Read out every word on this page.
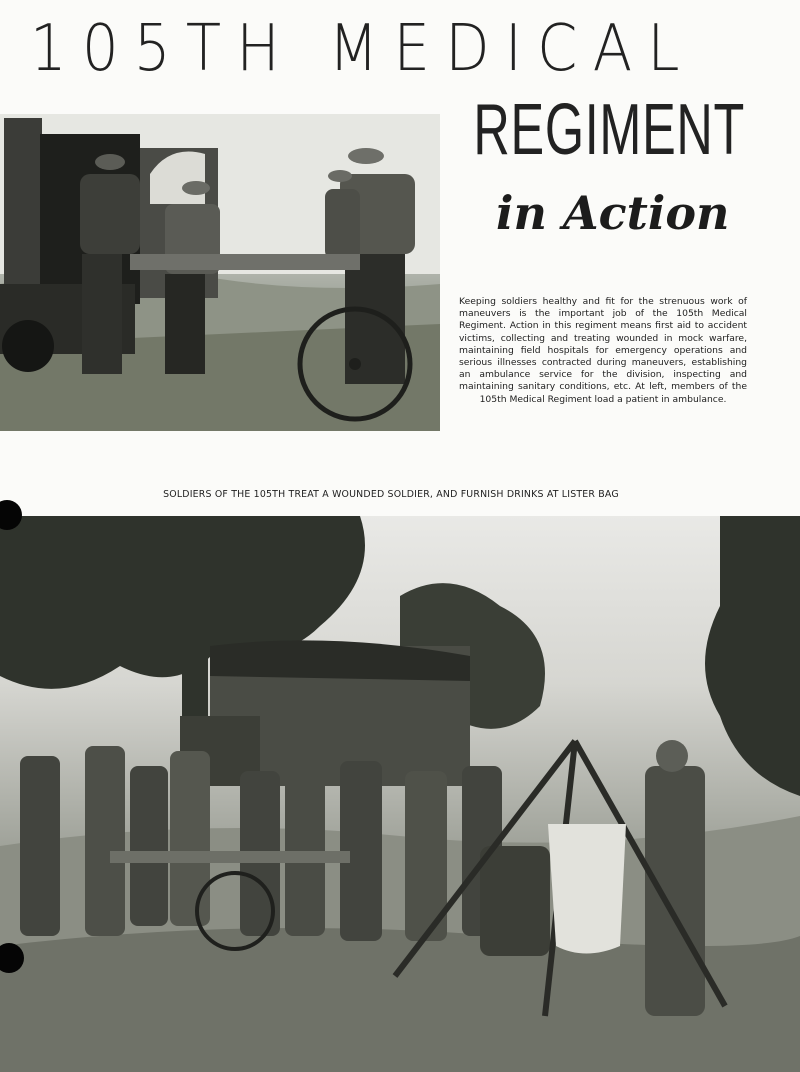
105TH MEDICAL
REGIMENT
in Action
Keeping soldiers healthy and fit for the strenuous work of maneuvers is the important job of the 105th Medical Regiment. Action in this regiment means first aid to accident victims, collecting and treating wounded in mock warfare, maintaining field hospitals for emergency operations and serious illnesses contracted during maneuvers, establishing an ambulance service for the division, inspecting and maintaining sanitary conditions, etc. At left, members of the 105th Medical Regiment load a patient in ambulance.
SOLDIERS OF THE 105TH TREAT A WOUNDED SOLDIER, AND FURNISH DRINKS AT LISTER BAG
